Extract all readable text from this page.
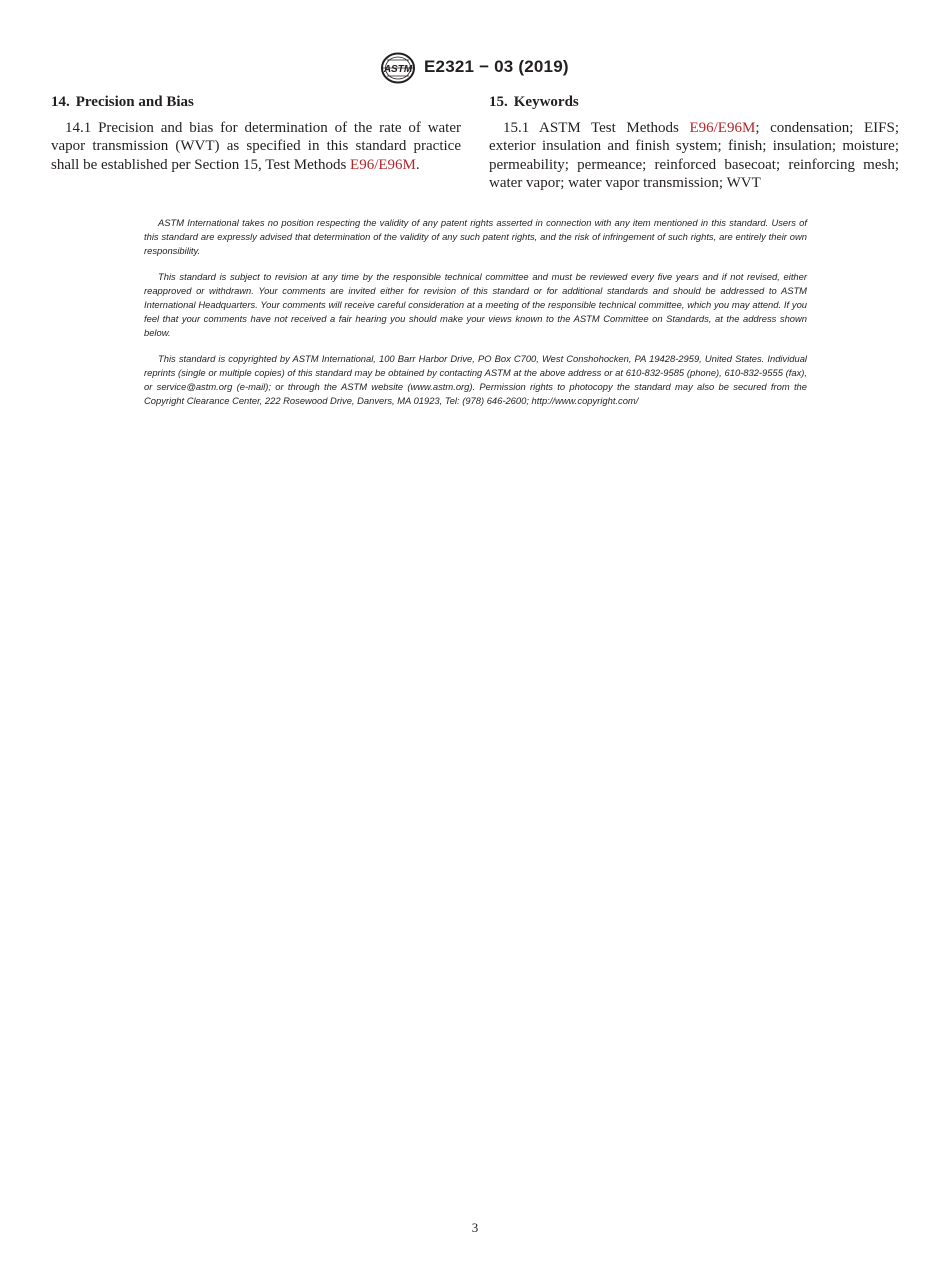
ASTM E2321 − 03 (2019)
14. Precision and Bias

14.1 Precision and bias for determination of the rate of water vapor transmission (WVT) as specified in this standard practice shall be established per Section 15, Test Methods E96/E96M.

15. Keywords

15.1 ASTM Test Methods E96/E96M; condensation; EIFS; exterior insulation and finish system; finish; insulation; moisture; permeability; permeance; reinforced basecoat; reinforcing mesh; water vapor; water vapor transmission; WVT

ASTM International takes no position respecting the validity of any patent rights asserted in connection with any item mentioned in this standard. Users of this standard are expressly advised that determination of the validity of any such patent rights, and the risk of infringement of such rights, are entirely their own responsibility.

This standard is subject to revision at any time by the responsible technical committee and must be reviewed every five years and if not revised, either reapproved or withdrawn. Your comments are invited either for revision of this standard or for additional standards and should be addressed to ASTM International Headquarters. Your comments will receive careful consideration at a meeting of the responsible technical committee, which you may attend. If you feel that your comments have not received a fair hearing you should make your views known to the ASTM Committee on Standards, at the address shown below.

This standard is copyrighted by ASTM International, 100 Barr Harbor Drive, PO Box C700, West Conshohocken, PA 19428-2959, United States. Individual reprints (single or multiple copies) of this standard may be obtained by contacting ASTM at the above address or at 610-832-9585 (phone), 610-832-9555 (fax), or service@astm.org (e-mail); or through the ASTM website (www.astm.org). Permission rights to photocopy the standard may also be secured from the Copyright Clearance Center, 222 Rosewood Drive, Danvers, MA 01923, Tel: (978) 646-2600; http://www.copyright.com/

3
